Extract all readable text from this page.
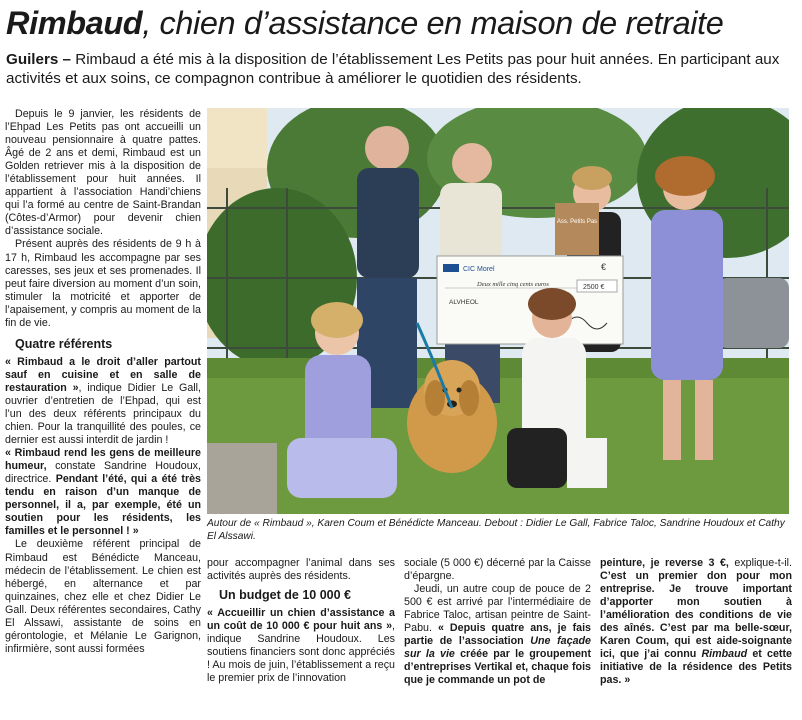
Rimbaud, chien d’assistance en maison de retraite
Guilers – Rimbaud a été mis à la disposition de l’établissement Les Petits pas pour huit années. En participant aux activités et aux soins, ce compagnon contribue à améliorer le quotidien des résidents.

Depuis le 9 janvier, les résidents de l’Ehpad Les Petits pas ont accueilli un nouveau pensionnaire à quatre pattes. Âgé de 2 ans et demi, Rimbaud est un Golden retriever mis à la disposition de l’établissement pour huit années. Il appartient à l’association Handi’chiens qui l’a formé au centre de Saint-Brandan (Côtes-d’Armor) pour devenir chien d’assistance sociale.

Présent auprès des résidents de 9 h à 17 h, Rimbaud les accompagne par ses caresses, ses jeux et ses promenades. Il peut faire diversion au moment d’un soin, stimuler la motricité et apporter de l’apaisement, y compris au moment de la fin de vie.

Quatre référents

« Rimbaud a le droit d’aller partout sauf en cuisine et en salle de restauration », indique Didier Le Gall, ouvrier d’entretien de l’Ehpad, qui est l’un des deux référents principaux du chien. Pour la tranquillité des poules, ce dernier est aussi interdit de jardin !

« Rimbaud rend les gens de meilleure humeur, constate Sandrine Houdoux, directrice. Pendant l’été, qui a été très tendu en raison d’un manque de personnel, il a, par exemple, été un soutien pour les résidents, les familles et le personnel ! »

Le deuxième référent principal de Rimbaud est Bénédicte Manceau, médecin de l’établissement. Le chien est hébergé, en alternance et par quinzaines, chez elle et chez Didier Le Gall. Deux référentes secondaires, Cathy El Alssawi, assistante de soins en gérontologie, et Mélanie Le Garignon, infirmière, sont aussi formées

Ass. Petits Pas
CIC Morel	€
Deux mille cinq cents euros	2500 €
ALVHEOL
Autour de « Rimbaud », Karen Coum et Bénédicte Manceau. Debout : Didier Le Gall, Fabrice Taloc, Sandrine Houdoux et Cathy El Alssawi.

pour accompagner l’animal dans ses activités auprès des résidents.

Un budget de 10 000 €

« Accueillir un chien d’assistance a un coût de 10 000 € pour huit ans », indique Sandrine Houdoux. Les soutiens financiers sont donc appréciés ! Au mois de juin, l’établissement a reçu le premier prix de l’innovation

sociale (5 000 €) décerné par la Caisse d’épargne.

Jeudi, un autre coup de pouce de 2 500 € est arrivé par l’intermédiaire de Fabrice Taloc, artisan peintre de Saint-Pabu. « Depuis quatre ans, je fais partie de l’association Une façade sur la vie créée par le groupement d’entreprises Vertikal et, chaque fois que je commande un pot de

peinture, je reverse 3 €, explique-t-il. C’est un premier don pour mon entreprise. Je trouve important d’apporter mon soutien à l’amélioration des conditions de vie des aînés. C’est par ma belle-sœur, Karen Coum, qui est aide-soignante ici, que j’ai connu Rimbaud et cette initiative de la résidence des Petits pas. »
